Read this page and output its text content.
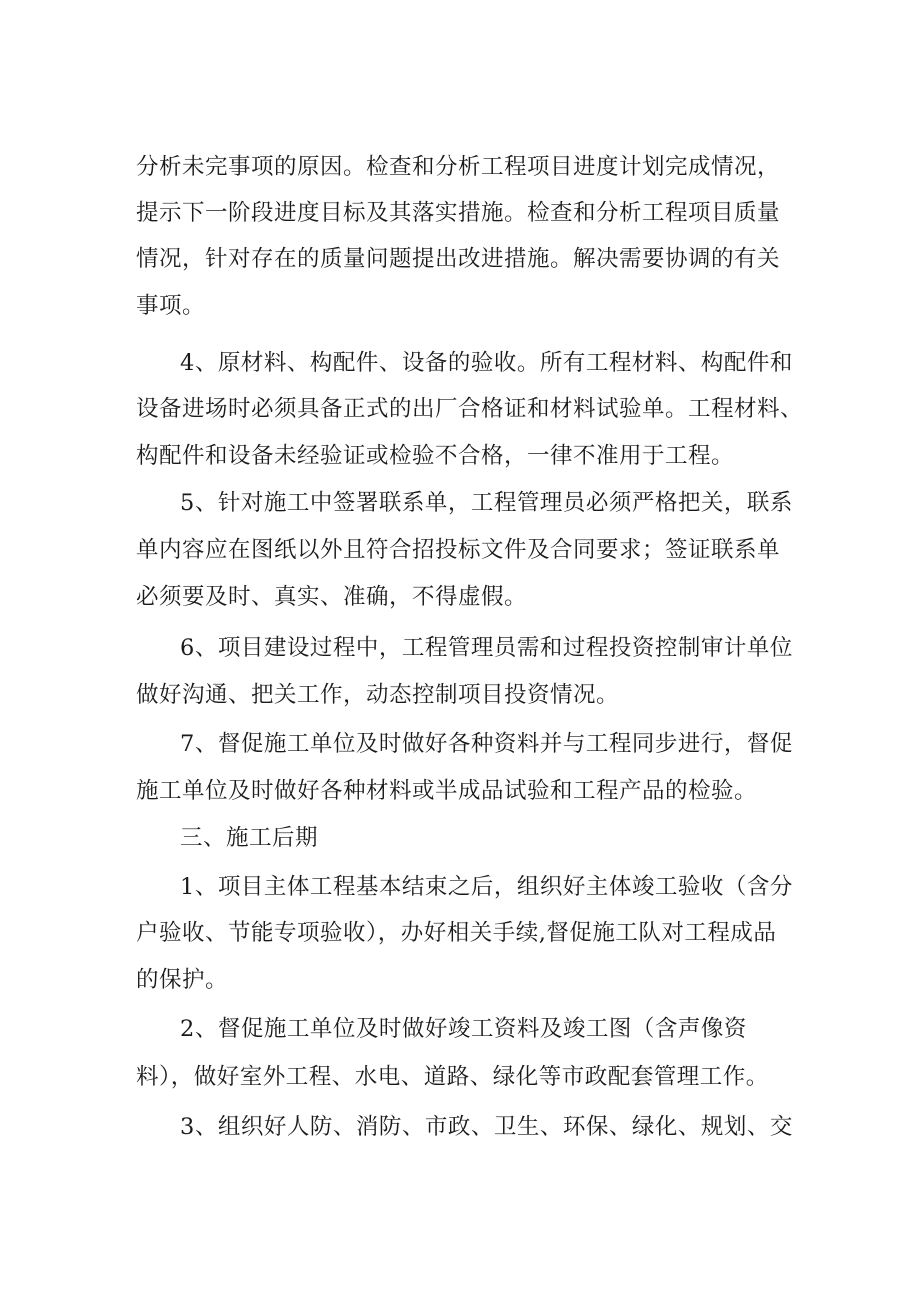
分析未完事项的原因。检查和分析工程项目进度计划完成情况，
提示下一阶段进度目标及其落实措施。检查和分析工程项目质量
情况，针对存在的质量问题提出改进措施。解决需要协调的有关
事项。
4、原材料、构配件、设备的验收。所有工程材料、构配件和
设备进场时必须具备正式的出厂合格证和材料试验单。工程材料、
构配件和设备未经验证或检验不合格，一律不准用于工程。
5、针对施工中签署联系单，工程管理员必须严格把关，联系
单内容应在图纸以外且符合招投标文件及合同要求；签证联系单
必须要及时、真实、准确，不得虚假。
6、项目建设过程中，工程管理员需和过程投资控制审计单位
做好沟通、把关工作，动态控制项目投资情况。
7、督促施工单位及时做好各种资料并与工程同步进行，督促
施工单位及时做好各种材料或半成品试验和工程产品的检验。
三、施工后期
1、项目主体工程基本结束之后，组织好主体竣工验收（含分
户验收、节能专项验收），办好相关手续,督促施工队对工程成品
的保护。
2、督促施工单位及时做好竣工资料及竣工图（含声像资
料），做好室外工程、水电、道路、绿化等市政配套管理工作。
3、组织好人防、消防、市政、卫生、环保、绿化、规划、交
